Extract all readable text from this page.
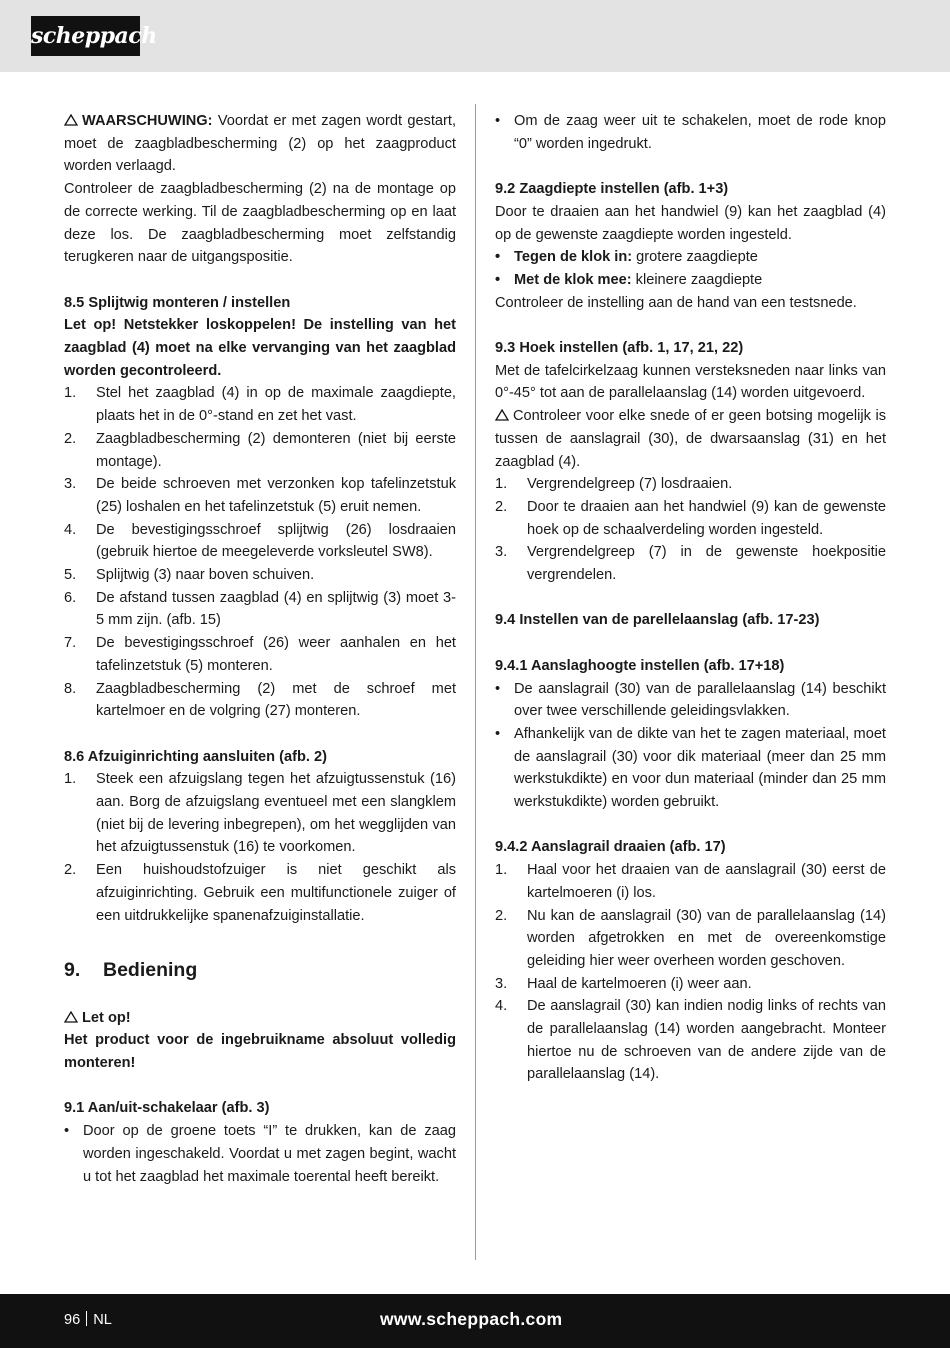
scheppach

WAARSCHUWING: Voordat er met zagen wordt gestart, moet de zaagbladbescherming (2) op het zaagproduct worden verlaagd.

Controleer de zaagbladbescherming (2) na de montage op de correcte werking. Til de zaagbladbescherming op en laat deze los. De zaagbladbescherming moet zelfstandig terugkeren naar de uitgangspositie.

8.5 Splijtwig monteren / instellen

Let op! Netstekker loskoppelen! De instelling van het zaagblad (4) moet na elke vervanging van het zaagblad worden gecontroleerd.

1.	Stel het zaagblad (4) in op de maximale zaagdiepte, plaats het in de 0°-stand en zet het vast.
2.	Zaagbladbescherming (2) demonteren (niet bij eerste montage).
3.	De beide schroeven met verzonken kop tafelinzetstuk (25) loshalen en het tafelinzetstuk (5) eruit nemen.
4.	De bevestigingsschroef splijtwig (26) losdraaien (gebruik hiertoe de meegeleverde vorksleutel SW8).
5.	Splijtwig (3) naar boven schuiven.
6.	De afstand tussen zaagblad (4) en splijtwig (3) moet 3-5 mm zijn. (afb. 15)
7.	De bevestigingsschroef (26) weer aanhalen en het tafelinzetstuk (5) monteren.
8.	Zaagbladbescherming (2) met de schroef met kartelmoer en de volgring (27) monteren.

8.6 Afzuiginrichting aansluiten (afb. 2)

1.	Steek een afzuigslang tegen het afzuigtussenstuk (16) aan. Borg de afzuigslang eventueel met een slangklem (niet bij de levering inbegrepen), om het wegglijden van het afzuigtussenstuk (16) te voorkomen.
2.	Een huishoudstofzuiger is niet geschikt als afzuiginrichting. Gebruik een multifunctionele zuiger of een uitdrukkelijke spanenafzuiginstallatie.
9.	Bediening

Let op!

Het product voor de ingebruikname absoluut volledig monteren!

9.1 Aan/uit-schakelaar (afb. 3)

• Door op de groene toets “I” te drukken, kan de zaag worden ingeschakeld. Voordat u met zagen begint, wacht u tot het zaagblad het maximale toerental heeft bereikt.
• Om de zaag weer uit te schakelen, moet de rode knop “0” worden ingedrukt.

9.2 Zaagdiepte instellen (afb. 1+3)

Door te draaien aan het handwiel (9) kan het zaagblad (4) op de gewenste zaagdiepte worden ingesteld.

• Tegen de klok in: grotere zaagdiepte
• Met de klok mee: kleinere zaagdiepte

Controleer de instelling aan de hand van een testsnede.

9.3 Hoek instellen (afb. 1, 17, 21, 22)

Met de tafelcirkelzaag kunnen versteksneden naar links van 0°-45° tot aan de parallelaanslag (14) worden uitgevoerd.

Controleer voor elke snede of er geen botsing mogelijk is tussen de aanslagrail (30), de dwarsaanslag (31) en het zaagblad (4).

1.	Vergrendelgreep (7) losdraaien.
2.	Door te draaien aan het handwiel (9) kan de gewenste hoek op de schaalverdeling worden ingesteld.
3.	Vergrendelgreep (7) in de gewenste hoekpositie vergrendelen.

9.4 Instellen van de parellelaanslag (afb. 17-23)

9.4.1 Aanslaghoogte instellen (afb. 17+18)

• De aanslagrail (30) van de parallelaanslag (14) beschikt over twee verschillende geleidingsvlakken.
• Afhankelijk van de dikte van het te zagen materiaal, moet de aanslagrail (30) voor dik materiaal (meer dan 25 mm werkstukdikte) en voor dun materiaal (minder dan 25 mm werkstukdikte) worden gebruikt.

9.4.2 Aanslagrail draaien (afb. 17)

1.	Haal voor het draaien van de aanslagrail (30) eerst de kartelmoeren (i) los.
2.	Nu kan de aanslagrail (30) van de parallelaanslag (14) worden afgetrokken en met de overeenkomstige geleiding hier weer overheen worden geschoven.
3.	Haal de kartelmoeren (i) weer aan.
4.	De aanslagrail (30) kan indien nodig links of rechts van de parallelaanslag (14) worden aangebracht. Monteer hiertoe nu de schroeven van de andere zijde van de parallelaanslag (14).
96 NL	www.scheppach.com
